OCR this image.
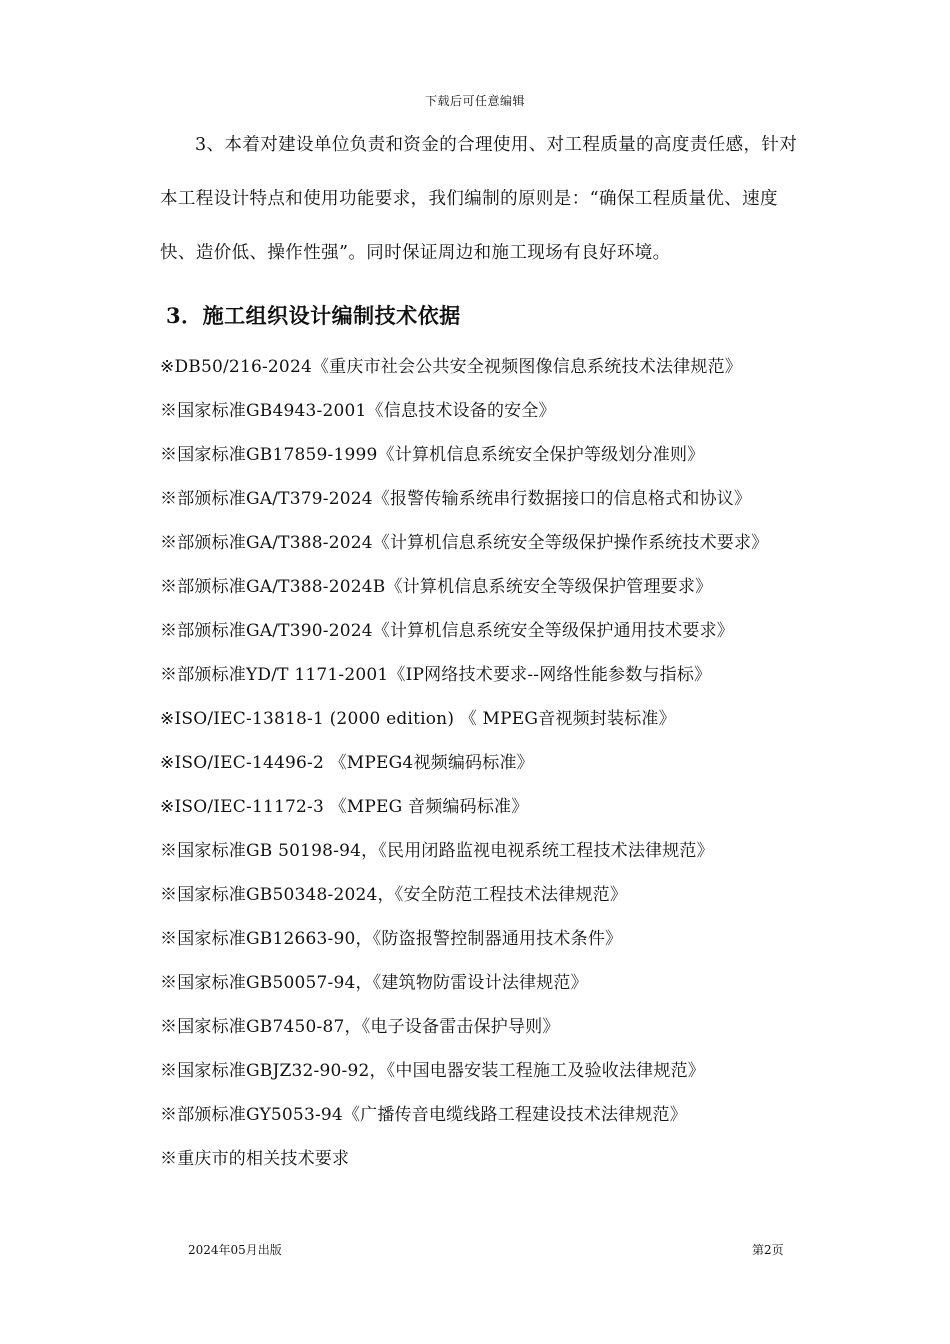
下载后可任意编辑

3、本着对建设单位负责和资金的合理使用、对工程质量的高度责任感，针对本工程设计特点和使用功能要求，我们编制的原则是：“确保工程质量优、速度快、造价低、操作性强”。同时保证周边和施工现场有良好环境。

3．施工组织设计编制技术依据
※DB50/216-2024《重庆市社会公共安全视频图像信息系统技术法律规范》
※国家标准GB4943-2001《信息技术设备的安全》
※国家标准GB17859-1999《计算机信息系统安全保护等级划分准则》
※部颁标准GA/T379-2024《报警传输系统串行数据接口的信息格式和协议》
※部颁标准GA/T388-2024《计算机信息系统安全等级保护操作系统技术要求》
※部颁标准GA/T388-2024B《计算机信息系统安全等级保护管理要求》
※部颁标准GA/T390-2024《计算机信息系统安全等级保护通用技术要求》
※部颁标准YD/T 1171-2001《IP网络技术要求--网络性能参数与指标》
※ISO/IEC-13818-1 (2000 edition) 《 MPEG音视频封装标准》
※ISO/IEC-14496-2 《MPEG4视频编码标准》
※ISO/IEC-11172-3 《MPEG 音频编码标准》
※国家标准GB 50198-94，《民用闭路监视电视系统工程技术法律规范》
※国家标准GB50348-2024，《安全防范工程技术法律规范》
※国家标准GB12663-90，《防盗报警控制器通用技术条件》
※国家标准GB50057-94，《建筑物防雷设计法律规范》
※国家标准GB7450-87，《电子设备雷击保护导则》
※国家标准GBJZ32-90-92，《中国电器安装工程施工及验收法律规范》
※部颁标准GY5053-94《广播传音电缆线路工程建设技术法律规范》
※重庆市的相关技术要求
2024年05月出版	第2页
